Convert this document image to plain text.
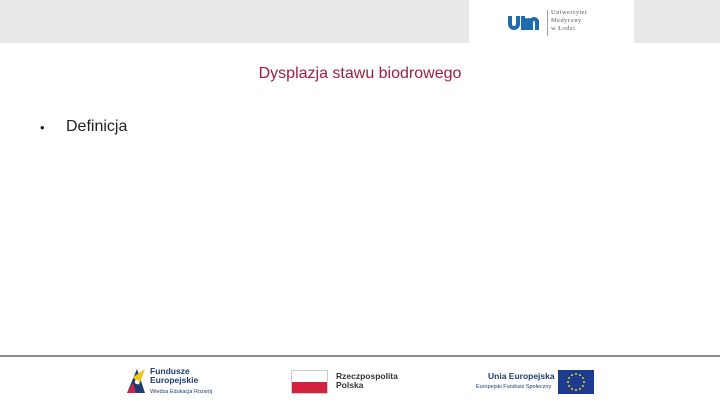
Uniwersytet
Medyczny
w Łodzi
Dysplazja stawu biodrowego
•	Definicja
Fundusze
Europejskie
Wiedza Edukacja Rozwój
Rzeczpospolita
Polska
Unia Europejska
Europejski Fundusz Społeczny
